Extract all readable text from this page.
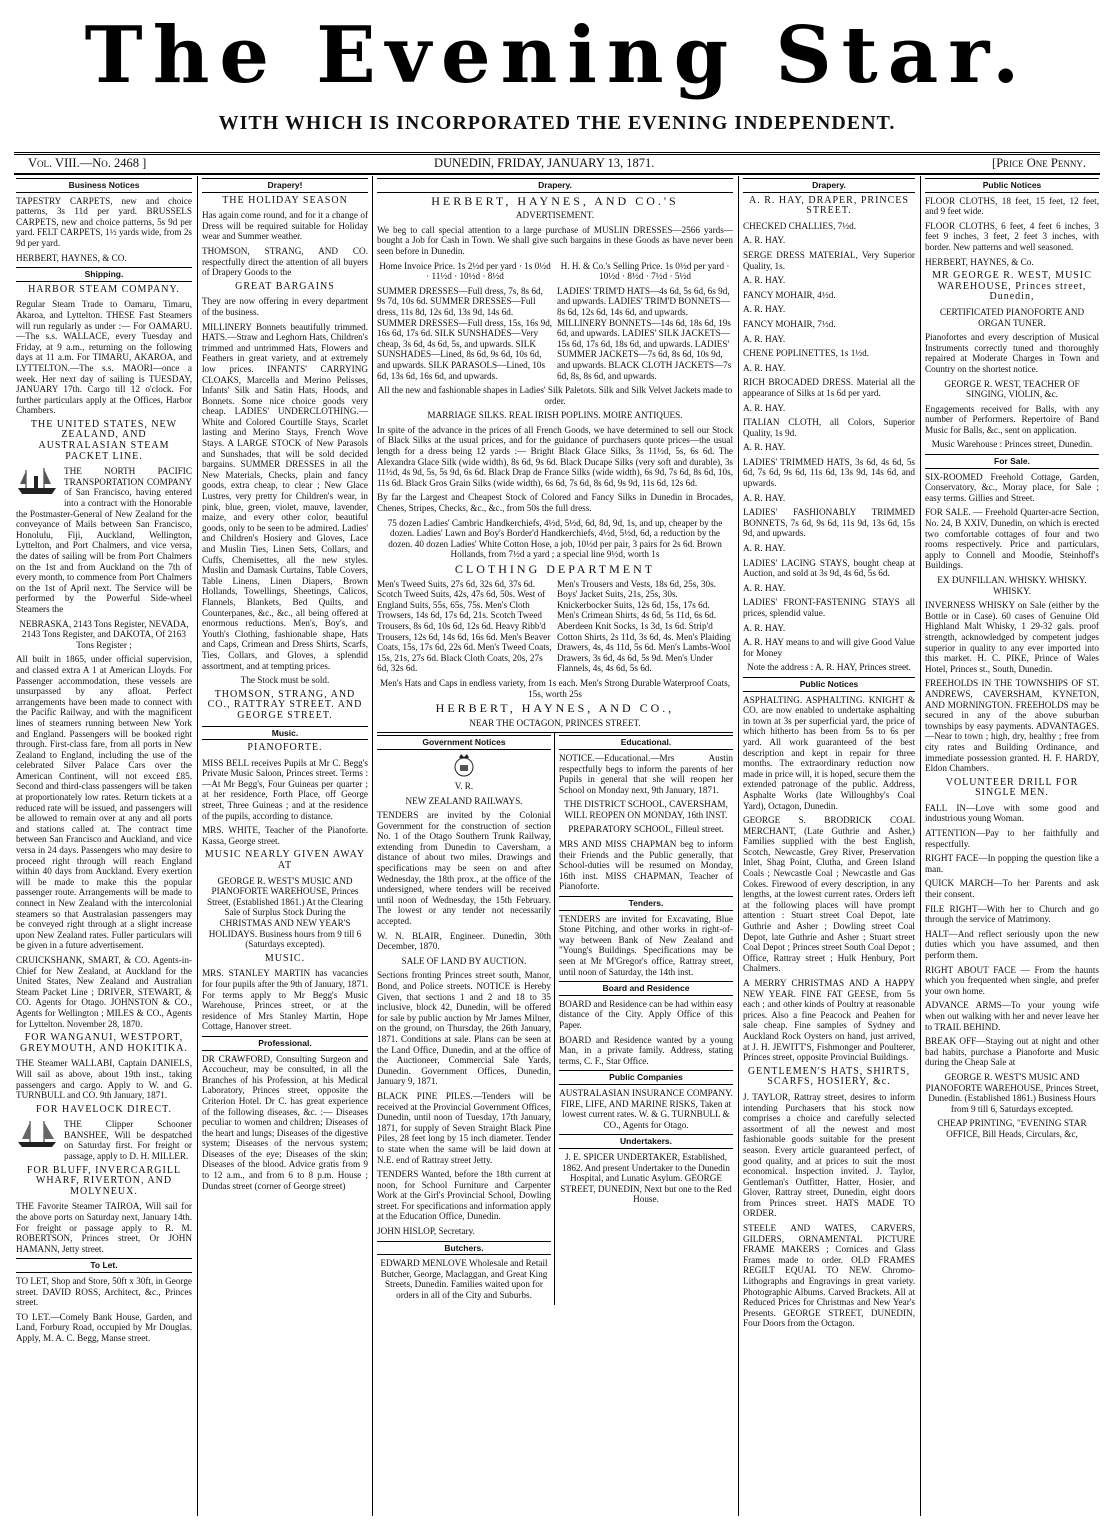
The Evening Star.
WITH WHICH IS INCORPORATED THE EVENING INDEPENDENT.
Vol. VIII.—No. 2468 ]	DUNEDIN, FRIDAY, JANUARY 13, 1871.	[Price One Penny.
Business Notices

TAPESTRY CARPETS, new and choice patterns, 3s 11d per yard. BRUSSELS CARPETS, new and choice patterns, 5s 9d per yard. FELT CARPETS, 1½ yards wide, from 2s 9d per yard.

HERBERT, HAYNES, & CO.

Shipping.

HARBOR STEAM COMPANY.

Regular Steam Trade to Oamaru, Timaru, Akaroa, and Lyttelton. THESE Fast Steamers will run regularly as under :— For OAMARU.—The s.s. WALLACE, every Tuesday and Friday, at 9 a.m., returning on the following days at 11 a.m. For TIMARU, AKAROA, and LYTTELTON.—The s.s. MAORI—once a week. Her next day of sailing is TUESDAY, JANUARY 17th. Cargo till 12 o'clock. For further particulars apply at the Offices, Harbor Chambers.

THE UNITED STATES, NEW ZEALAND, AND AUSTRALASIAN STEAM PACKET LINE.

THE NORTH PACIFIC TRANSPORTATION COMPANY of San Francisco, having entered into a contract with the Honorable the Postmaster-General of New Zealand for the conveyance of Mails between San Francisco, Honolulu, Fiji, Auckland, Wellington, Lyttelton, and Port Chalmers, and vice versa, the dates of sailing will be from Port Chalmers on the 1st and from Auckland on the 7th of every month, to commence from Port Chalmers on the 1st of April next. The Service will be performed by the Powerful Side-wheel Steamers the

NEBRASKA, 2143 Tons Register, NEVADA, 2143 Tons Register, and DAKOTA, Of 2163 Tons Register ;

All built in 1865, under official supervision, and classed extra A 1 at American Lloyds. For Passenger accommodation, these vessels are unsurpassed by any afloat. Perfect arrangements have been made to connect with the Pacific Railway, and with the magnificent lines of steamers running between New York and England. Passengers will be booked right through. First-class fare, from all ports in New Zealand to England, including the use of the celebrated Silver Palace Cars over the American Continent, will not exceed £85. Second and third-class passengers will be taken at proportionately low rates. Return tickets at a reduced rate will be issued, and passengers will be allowed to remain over at any and all ports and stations called at. The contract time between San Francisco and Auckland, and vice versa in 24 days. Passengers who may desire to proceed right through will reach England within 40 days from Auckland. Every exertion will be made to make this the popular passenger route. Arrangements will be made to connect in New Zealand with the intercolonial steamers so that Australasian passengers may be conveyed right through at a slight increase upon New Zealand rates. Fuller particulars will be given in a future advertisement.

CRUICKSHANK, SMART, & CO. Agents-in-Chief for New Zealand, at Auckland for the United States, New Zealand and Australian Steam Packet Line ; DRIVER, STEWART, & CO. Agents for Otago. JOHNSTON & CO., Agents for Wellington ; MILES & CO., Agents for Lyttelton. November 28, 1870.

FOR WANGANUI, WESTPORT, GREYMOUTH, AND HOKITIKA.

THE Steamer WALLABI, Captain DANIELS, Will sail as above, about 19th inst., taking passengers and cargo. Apply to W. and G. TURNBULL and CO. 9th January, 1871.

FOR HAVELOCK DIRECT.

THE Clipper Schooner BANSHEE, Will be despatched on Saturday first. For freight or passage, apply to D. H. MILLER.

FOR BLUFF, INVERCARGILL WHARF, RIVERTON, AND MOLYNEUX.

THE Favorite Steamer TAIROA, Will sail for the above ports on Saturday next, January 14th. For freight or passage apply to R. M. ROBERTSON, Princes street, Or JOHN HAMANN, Jetty street.

To Let.

TO LET, Shop and Store, 50ft x 30ft, in George street. DAVID ROSS, Architect, &c., Princes street.

TO LET.—Comely Bank House, Garden, and Land, Forbury Road, occupied by Mr Douglas. Apply, M. A. C. Begg, Manse street.

Drapery!

THE HOLIDAY SEASON

Has again come round, and for it a change of Dress will be required suitable for Holiday wear and Summer weather.

THOMSON, STRANG, AND CO. respectfully direct the attention of all buyers of Drapery Goods to the

GREAT BARGAINS

They are now offering in every department of the business.

MILLINERY Bonnets beautifully trimmed. HATS.—Straw and Leghorn Hats, Children's trimmed and untrimmed Hats, Flowers and Feathers in great variety, and at extremely low prices. INFANTS' CARRYING CLOAKS, Marcella and Merino Pelisses, Infants' Silk and Satin Hats, Hoods, and Bonnets. Some nice choice goods very cheap. LADIES' UNDERCLOTHING.—White and Colored Courtille Stays, Scarlet lasting and Merino Stays, French Wove Stays. A LARGE STOCK of New Parasols and Sunshades, that will be sold decided bargains. SUMMER DRESSES in all the New Materials, Checks, plain and fancy goods, extra cheap, to clear ; New Glace Lustres, very pretty for Children's wear, in pink, blue, green, violet, mauve, lavender, maize, and every other color, beautiful goods, only to be seen to be admired. Ladies' and Children's Hosiery and Gloves, Lace and Muslin Ties, Linen Sets, Collars, and Cuffs, Chemisettes, all the new styles. Muslin and Damask Curtains, Table Covers, Table Linens, Linen Diapers, Brown Hollands, Towellings, Sheetings, Calicos, Flannels, Blankets, Bed Quilts, and Counterpanes, &c., &c., all being offered at enormous reductions. Men's, Boy's, and Youth's Clothing, fashionable shape, Hats and Caps, Crimean and Dress Shirts, Scarfs, Ties, Collars, and Gloves, a splendid assortment, and at tempting prices.

The Stock must be sold.

THOMSON, STRANG, AND CO., RATTRAY STREET. AND GEORGE STREET.

Music.

PIANOFORTE.

MISS BELL receives Pupils at Mr C. Begg's Private Music Saloon, Princes street. Terms :—At Mr Begg's, Four Guineas per quarter ; at her residence, Forth Place, off George street, Three Guineas ; and at the residence of the pupils, according to distance.

MRS. WHITE, Teacher of the Pianoforte. Kassa, George street.

MUSIC NEARLY GIVEN AWAY AT

GEORGE R. WEST'S MUSIC AND PIANOFORTE WAREHOUSE, Princes Street, (Established 1861.) At the Clearing Sale of Surplus Stock During the CHRISTMAS AND NEW YEAR'S HOLIDAYS. Business hours from 9 till 6 (Saturdays excepted).

MUSIC.

MRS. STANLEY MARTIN has vacancies for four pupils after the 9th of January, 1871. For terms apply to Mr Begg's Music Warehouse, Princes street, or at the residence of Mrs Stanley Martin, Hope Cottage, Hanover street.

Professional.

DR CRAWFORD, Consulting Surgeon and Accoucheur, may be consulted, in all the Branches of his Profession, at his Medical Laboratory, Princes street, opposite the Criterion Hotel. Dr C. has great experience of the following diseases, &c. :— Diseases peculiar to women and children; Diseases of the heart and lungs; Diseases of the digestive system; Diseases of the nervous system; Diseases of the eye; Diseases of the skin; Diseases of the blood. Advice gratis from 9 to 12 a.m., and from 6 to 8 p.m. House ; Dundas street (corner of George street)

Drapery.

HERBERT, HAYNES, AND CO.'S

ADVERTISEMENT.

We beg to call special attention to a large purchase of MUSLIN DRESSES—2566 yards—bought a Job for Cash in Town. We shall give such bargains in these Goods as have never been seen before in Dunedin.

Home Invoice Price. 1s 2½d per yard · 1s 0½d · 11½d · 10½d · 8½d
H. H. & Co.'s Selling Price. 1s 0½d per yard · 10½d · 8½d · 7½d · 5½d
SUMMER DRESSES—Full dress, 7s, 8s 6d, 9s 7d, 10s 6d. SUMMER DRESSES—Full dress, 11s 8d, 12s 6d, 13s 9d, 14s 6d. SUMMER DRESSES—Full dress, 15s, 16s 9d, 16s 6d, 17s 6d. SILK SUNSHADES—Very cheap, 3s 6d, 4s 6d, 5s, and upwards. SILK SUNSHADES—Lined, 8s 6d, 9s 6d, 10s 6d, and upwards. SILK PARASOLS—Lined, 10s 6d, 13s 6d, 16s 6d, and upwards.
LADIES' TRIM'D HATS—4s 6d, 5s 6d, 6s 9d, and upwards. LADIES' TRIM'D BONNETS—8s 6d, 12s 6d, 14s 6d, and upwards. MILLINERY BONNETS—14s 6d, 18s 6d, 19s 6d, and upwards. LADIES' SILK JACKETS—15s 6d, 17s 6d, 18s 6d, and upwards. LADIES' SUMMER JACKETS—7s 6d, 8s 6d, 10s 9d, and upwards. BLACK CLOTH JACKETS—7s 6d, 8s, 8s 6d, and upwards.

All the new and fashionable shapes in Ladies' Silk Paletots. Silk and Silk Velvet Jackets made to order.

MARRIAGE SILKS. REAL IRISH POPLINS. MOIRE ANTIQUES.

In spite of the advance in the prices of all French Goods, we have determined to sell our Stock of Black Silks at the usual prices, and for the guidance of purchasers quote prices—the usual length for a dress being 12 yards :— Bright Black Glace Silks, 3s 11½d, 5s, 6s 6d. The Alexandra Glace Silk (wide width), 8s 6d, 9s 6d. Black Ducape Silks (very soft and durable), 3s 11½d, 4s 9d, 5s, 5s 9d, 6s 6d. Black Drap de France Silks (wide width), 6s 9d, 7s 6d, 8s 6d, 10s, 11s 6d. Black Gros Grain Silks (wide width), 6s 6d, 7s 6d, 8s 6d, 9s 9d, 11s 6d, 12s 6d.

By far the Largest and Cheapest Stock of Colored and Fancy Silks in Dunedin in Brocades, Chenes, Stripes, Checks, &c., &c., from 50s the full dress.

75 dozen Ladies' Cambric Handkerchiefs, 4½d, 5½d, 6d, 8d, 9d, 1s, and up, cheaper by the dozen. Ladies' Lawn and Boy's Border'd Handkerchiefs, 4½d, 5½d, 6d, a reduction by the dozen. 40 dozen Ladies' White Cotton Hose, a job, 10½d per pair, 3 pairs for 2s 6d. Brown Hollands, from 7½d a yard ; a special line 9½d, worth 1s

CLOTHING DEPARTMENT

Men's Tweed Suits, 27s 6d, 32s 6d, 37s 6d. Scotch Tweed Suits, 42s, 47s 6d, 50s. West of England Suits, 55s, 65s, 75s. Men's Cloth Trowsers, 14s 6d, 17s 6d, 21s. Scotch Tweed Trousers, 8s 6d, 10s 6d, 12s 6d. Heavy Ribb'd Trousers, 12s 6d, 14s 6d, 16s 6d. Men's Beaver Coats, 15s, 17s 6d, 22s 6d. Men's Tweed Coats, 15s, 21s, 27s 6d. Black Cloth Coats, 20s, 27s 6d, 32s 6d.
Men's Trousers and Vests, 18s 6d, 25s, 30s. Boys' Jacket Suits, 21s, 25s, 30s. Knickerbocker Suits, 12s 6d, 15s, 17s 6d. Men's Crimean Shirts, 4s 6d, 5s 11d, 6s 6d. Aberdeen Knit Socks, 1s 3d, 1s 6d. Strip'd Cotton Shirts, 2s 11d, 3s 6d, 4s. Men's Plaiding Drawers, 4s, 4s 11d, 5s 6d. Men's Lambs-Wool Drawers, 3s 6d, 4s 6d, 5s 9d. Men's Under Flannels, 4s, 4s 6d, 5s 6d.

Men's Hats and Caps in endless variety, from 1s each. Men's Strong Durable Waterproof Coats, 15s, worth 25s

HERBERT, HAYNES, AND CO.,

NEAR THE OCTAGON, PRINCES STREET.

Government Notices

V. R.

NEW ZEALAND RAILWAYS.

TENDERS are invited by the Colonial Government for the construction of section No. 1 of the Otago Southern Trunk Railway, extending from Dunedin to Caversham, a distance of about two miles. Drawings and specifications may be seen on and after Wednesday, the 18th prox., at the office of the undersigned, where tenders will be received until noon of Wednesday, the 15th February. The lowest or any tender not necessarily accepted.

W. N. BLAIR, Engineer. Dunedin, 30th December, 1870.

SALE OF LAND BY AUCTION.

Sections fronting Princes street south, Manor, Bond, and Police streets. NOTICE is Hereby Given, that sections 1 and 2 and 18 to 35 inclusive, block 42, Dunedin, will be offered for sale by public auction by Mr James Milner, on the ground, on Thursday, the 26th January, 1871. Conditions at sale. Plans can be seen at the Land Office, Dunedin, and at the office of the Auctioneer, Commercial Sale Yards, Dunedin. Government Offices, Dunedin, January 9, 1871.

BLACK PINE PILES.—Tenders will be received at the Provincial Government Offices, Dunedin, until noon of Tuesday, 17th January, 1871, for supply of Seven Straight Black Pine Piles, 28 feet long by 15 inch diameter. Tender to state when the same will be laid down at N.E. end of Rattray street Jetty.

TENDERS Wanted, before the 18th current at noon, for School Furniture and Carpenter Work at the Girl's Provincial School, Dowling street. For specifications and information apply at the Education Office, Dunedin.

JOHN HISLOP, Secretary.

Butchers.

EDWARD MENLOVE Wholesale and Retail Butcher, George, Maclaggan, and Great King Streets, Dunedin. Families waited upon for orders in all of the City and Suburbs.

Educational.

NOTICE.—Educational.—Mrs Austin respectfully begs to inform the parents of her Pupils in general that she will reopen her School on Monday next, 9th January, 1871.

THE DISTRICT SCHOOL, CAVERSHAM, WILL REOPEN ON MONDAY, 16th INST.

PREPARATORY SCHOOL, Filleul street.

MRS AND MISS CHAPMAN beg to inform their Friends and the Public generally, that School-duties will be resumed on Monday, 16th inst. MISS CHAPMAN, Teacher of Pianoforte.

Tenders.

TENDERS are invited for Excavating, Blue Stone Pitching, and other works in right-of-way between Bank of New Zealand and "Young's Buildings. Specifications may be seen at Mr M'Gregor's office, Rattray street, until noon of Saturday, the 14th inst.

Board and Residence

BOARD and Residence can be had within easy distance of the City. Apply Office of this Paper.

BOARD and Residence wanted by a young Man, in a private family. Address, stating terms, C. F., Star Office.

Public Companies

AUSTRALASIAN INSURANCE COMPANY. FIRE, LIFE, AND MARINE RISKS, Taken at lowest current rates. W. & G. TURNBULL & CO., Agents for Otago.

Undertakers.

J. E. SPICER UNDERTAKER, Established, 1862. And present Undertaker to the Dunedin Hospital, and Lunatic Asylum. GEORGE STREET, DUNEDIN, Next but one to the Red House.

Drapery.

A. R. HAY, DRAPER, PRINCES STREET.

CHECKED CHALLIES, 7½d.

A. R. HAY.

SERGE DRESS MATERIAL, Very Superior Quality, 1s.

A. R. HAY.

FANCY MOHAIR, 4½d.

A. R. HAY.

FANCY MOHAIR, 7½d.

A. R. HAY.

CHENE POPLINETTES, 1s 1½d.

A. R. HAY.

RICH BROCADED DRESS. Material all the appearance of Silks at 1s 6d per yard.

A. R. HAY.

ITALIAN CLOTH, all Colors, Superior Quality, 1s 9d.

A. R. HAY.

LADIES' TRIMMED HATS, 3s 6d, 4s 6d, 5s 6d, 7s 6d, 9s 6d, 11s 6d, 13s 9d, 14s 6d, and upwards.

A. R. HAY.

LADIES' FASHIONABLY TRIMMED BONNETS, 7s 6d, 9s 6d, 11s 9d, 13s 6d, 15s 9d, and upwards.

A. R. HAY.

LADIES' LACING STAYS, bought cheap at Auction, and sold at 3s 9d, 4s 6d, 5s 6d.

A. R. HAY.

LADIES' FRONT-FASTENING STAYS all prices, splendid value.

A. R. HAY.

A. R. HAY means to and will give Good Value for Money

Note the address : A. R. HAY, Princes street.

Public Notices

ASPHALTING. ASPHALTING. KNIGHT & CO. are now enabled to undertake asphalting in town at 3s per superficial yard, the price of which hitherto has been from 5s to 6s per yard. All work guaranteed of the best description and kept in repair for three months. The extraordinary reduction now made in price will, it is hoped, secure them the extended patronage of the public. Address, Asphalte Works (late Willoughby's Coal Yard), Octagon, Dunedin.

GEORGE S. BRODRICK COAL MERCHANT, (Late Guthrie and Asher,) Families supplied with the best English, Scotch, Newcastle, Grey River, Preservation Inlet, Shag Point, Clutha, and Green Island Coals ; Newcastle Coal ; Newcastle and Gas Cokes. Firewood of every description, in any lengths, at the lowest current rates. Orders left at the following places will have prompt attention : Stuart street Coal Depot, late Guthrie and Asher ; Dowling street Coal Depot, late Guthrie and Asher ; Stuart street Coal Depot ; Princes street South Coal Depot ; Office, Rattray street ; Hulk Henbury, Port Chalmers.

A MERRY CHRISTMAS AND A HAPPY NEW YEAR. FINE FAT GEESE, from 5s each ; and other kinds of Poultry at reasonable prices. Also a fine Peacock and Peahen for sale cheap. Fine samples of Sydney and Auckland Rock Oysters on hand, just arrived, at J. H. JEWITT'S, Fishmonger and Poulterer, Princes street, opposite Provincial Buildings.

GENTLEMEN'S HATS, SHIRTS, SCARFS, HOSIERY, &c.

J. TAYLOR, Rattray street, desires to inform intending Purchasers that his stock now comprises a choice and carefully selected assortment of all the newest and most fashionable goods suitable for the present season. Every article guaranteed perfect, of good quality, and at prices to suit the most economical. Inspection invited. J. Taylor, Gentleman's Outfitter, Hatter, Hosier, and Glover, Rattray street, Dunedin, eight doors from Princes street. HATS MADE TO ORDER.

STEELE AND WATES, CARVERS, GILDERS, ORNAMENTAL PICTURE FRAME MAKERS ; Cornices and Glass Frames made to order. OLD FRAMES REGILT EQUAL TO NEW. Chromo-Lithographs and Engravings in great variety. Photographic Albums. Carved Brackets. All at Reduced Prices for Christmas and New Year's Presents. GEORGE STREET, DUNEDIN, Four Doors from the Octagon.

Public Notices

FLOOR CLOTHS, 18 feet, 15 feet, 12 feet, and 9 feet wide.

FLOOR CLOTHS, 6 feet, 4 feet 6 inches, 3 feet 9 inches, 3 feet, 2 feet 3 inches, with border. New patterns and well seasoned.

HERBERT, HAYNES, & Co.

MR GEORGE R. WEST, MUSIC WAREHOUSE, Princes street, Dunedin,

CERTIFICATED PIANOFORTE AND ORGAN TUNER.

Pianofortes and every description of Musical Instruments correctly tuned and thoroughly repaired at Moderate Charges in Town and Country on the shortest notice.

GEORGE R. WEST, TEACHER OF SINGING, VIOLIN, &c.

Engagements received for Balls, with any number of Performers. Repertoire of Band Music for Balls, &c., sent on application.

Music Warehouse : Princes street, Dunedin.

For Sale.

SIX-ROOMED Freehold Cottage, Garden, Conservatory, &c., Moray place, for Sale ; easy terms. Gillies and Street.

FOR SALE. — Freehold Quarter-acre Section, No. 24, B XXIV, Dunedin, on which is erected two comfortable cottages of four and two rooms respectively. Price and particulars, apply to Connell and Moodie, Steinhoff's Buildings.

EX DUNFILLAN. WHISKY. WHISKY. WHISKY.

INVERNESS WHISKY on Sale (either by the Bottle or in Case). 60 cases of Genuine Old Highland Malt Whisky, 1 29-32 gals. proof strength, acknowledged by competent judges superior in quality to any ever imported into this market. H. C. PIKE, Prince of Wales Hotel, Princes st., South, Dunedin.

FREEHOLDS IN THE TOWNSHIPS OF ST. ANDREWS, CAVERSHAM, KYNETON, AND MORNINGTON. FREEHOLDS may be secured in any of the above suburban townships by easy payments. ADVANTAGES.—Near to town ; high, dry, healthy ; free from city rates and Building Ordinance, and immediate possession granted. H. F. HARDY, Eldon Chambers.

VOLUNTEER DRILL FOR SINGLE MEN.

FALL IN—Love with some good and industrious young Woman.

ATTENTION—Pay to her faithfully and respectfully.

RIGHT FACE—In popping the question like a man.

QUICK MARCH—To her Parents and ask their consent.

FILE RIGHT—With her to Church and go through the service of Matrimony.

HALT—And reflect seriously upon the new duties which you have assumed, and then perform them.

RIGHT ABOUT FACE — From the haunts which you frequented when single, and prefer your own home.

ADVANCE ARMS—To your young wife when out walking with her and never leave her to TRAIL BEHIND.

BREAK OFF—Staying out at night and other bad habits, purchase a Pianoforte and Music during the Cheap Sale at

GEORGE R. WEST'S MUSIC AND PIANOFORTE WAREHOUSE, Princes Street, Dunedin. (Established 1861.) Business Hours from 9 till 6, Saturdays excepted.

CHEAP PRINTING, "EVENING STAR OFFICE, Bill Heads, Circulars, &c,
